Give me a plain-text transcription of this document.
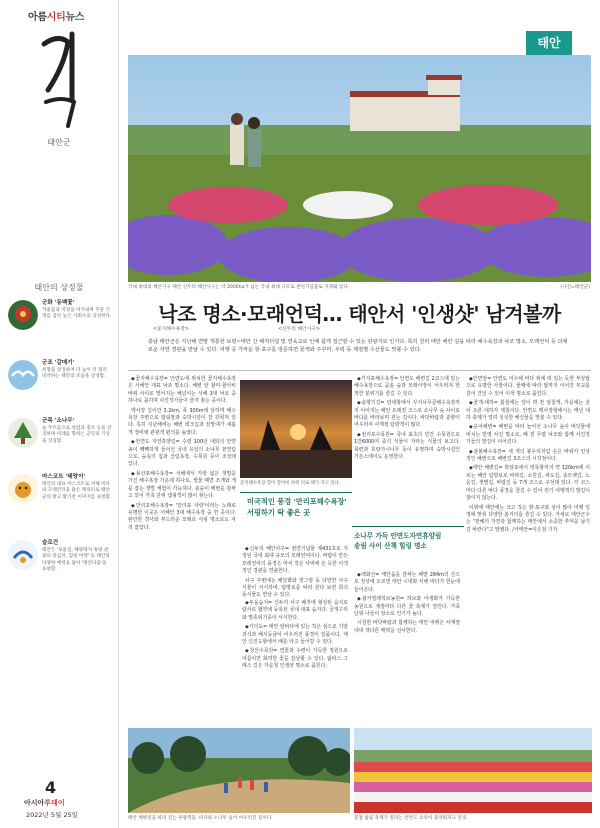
아름시티뉴스
길
태안군
태안의 상징물
군화 '동백꽃'
겨울꽃과 역경을 이겨내며 꾸준 기개를 굽힌 높은 사회수의 상징한다.
군조 '갈매기'
희망을 상징하며 더 높이 더 멀리 비약하는 태안의 모습을 상징함.
군목 '소나무'
늘 푸르름으로 청렴과 절조 등을 상징하며 미래를 향하는 군민의 기상을 상징함.
마스코트 '태랑이'
태안의 대표 마스코트로 서해 바다와 모래언덕을 닮은 캐릭터로 태안군의 밝고 활기찬 이미지를 표현함.
슬로건
태안은 '보물섬, 해양레저 휴양 관광의 중심지, 힐링 여행' 등 태안의 다양한 매력을 담아 '태안다움'을 표현함.
4
아시아투데이
2022년 5월 25일
태안
국내 최대의 해안사구 태안 신두리 해안사구는 약 2000ha가 넘는 국내 최대 규모로 천연기념물로 지정돼 있다.	(사진=태안군)
낙조 명소·모래언덕… 태안서 '인생샷' 남겨볼까
<꽃지해수욕장>	<신두리 해안사구>
충남 태안군은 지난해 연말 개통한 보령~태안 간 해저터널 및 연육교로 인해 쉽게 접근할 수 있는 관광지로 인기다. 특히 천리 태안 해안 길을 따라 해수욕장과 낙조 명소, 모래언덕 등 다채로운 자연 경관을 만날 수 있다. 여행 중 가까운 항·포구를 방문하면 꽃게와 주꾸미, 우럭 등 계절별 수산물도 맛볼 수 있다.

◆꽃지해수욕장= 안면도에 위치한 꽃지해수욕장은 서해안 대표 낙조 명소다. 해변 앞 할미·할아비 바위 사이로 떨어지는 해넘이는 서해 3대 낙조 중 하나로 꼽히며 사진작가들이 즐겨 찾는 곳이다.

백사장 길이만 3.2km, 폭 300m에 달하며 해수욕장 주변으로 캠핑장과 숙박시설이 잘 갖춰져 있다. 특히 지난해에는 해변 데크길과 전망대가 새롭게 정비돼 관광객 편의를 높였다.

◆안면도 자연휴양림= 수령 100년 내외의 안면송이 빽빽하게 들어선 국내 유일의 소나무 천연림으로, 숲속의 집과 산림욕장, 수목원 등이 조성돼 있다.

◆몽산포해수욕장= 서해에서 가장 넓은 갯벌을 가진 해수욕장 가운데 하나로, 썰물 때면 조개와 게를 잡는 갯벌 체험이 가능하다. 솔숲이 해변을 감싸고 있어 가족 단위 캠핑객이 많이 찾는다.

◆만리포해수욕장= '만리포 사랑'이라는 노래로 유명한 이곳은 서해안 3대 해수욕장 중 한 곳이다. 완만한 경사와 부드러운 모래로 서핑 명소로도 자리 잡았다.

꽃지해수욕장 할미·할아비 바위 뒤로 해가 지고 있다.
미국적인 풍경 '만리포해수욕장'
서핑하기 딱 좋은 곳
소나무 가득 안면도자연휴양림
송림 사이 산책 힐링 명소

◆신두리 해안사구= 천연기념물 제431호로 지정된 국내 최대 규모의 모래언덕이다. 바람이 만든 모래언덕의 풍경은 마치 작은 사막에 온 듯한 이색적인 경관을 연출한다.

사구 주변에는 해당화와 갯그령 등 다양한 사구 식물이 서식하며, 탐방로를 따라 걷다 보면 희귀 동식물도 만날 수 있다.

◆두웅습지= 신두리 사구 배후에 형성된 습지로 람사르 협약에 등록된 국내 대표 습지다. 금개구리와 멸종위기종이 서식한다.

◆가의도= 태안 앞바다에 있는 작은 섬으로 기암괴석과 해식동굴이 어우러진 풍경이 일품이다. 태안 신진도항에서 배를 타고 들어갈 수 있다.

◆청산수목원= 연꽃과 수련이 가득한 정원으로 여름이면 화려한 꽃을 감상할 수 있다. 팜파스 그래스 길은 가을철 인생샷 명소로 꼽힌다.

◆기지포해수욕장= 안면도 해변길 2코스에 있는 해수욕장으로 곰솔 숲과 모래사장이 어우러져 한적한 분위기를 즐길 수 있다.

◆솔향기길= 만대항에서 꾸지나무골해수욕장까지 이어지는 해안 트레킹 코스로 소나무 숲 사이로 바다를 바라보며 걷는 길이다. 바닷바람과 솔향이 어우러져 사계절 탐방객이 많다.

◆천리포수목원= 국내 최초의 민간 수목원으로 1만6000여 종의 식물이 자라는 식물의 보고다. 목련과 호랑가시나무 등이 유명하며 숙박시설인 가든스테이도 운영한다.

◆백화산= 태안읍을 감싸는 해발 284m의 산으로 정상에 오르면 태안 시내와 서해 바다가 한눈에 들어온다.

◆팜카밀레허브농원= 허브와 야생화가 가득한 농원으로 계절마다 다른 꽃 축제가 열린다. 가족 단위 나들이 장소로 인기가 높다.

시원한 바닷바람과 함께하는 태안 여행은 사계절 내내 색다른 매력을 선사한다.

◆안면암= 안면도 여수해 바다 위에 떠 있는 듯한 부상탑으로 유명한 사찰이다. 물때에 따라 탑까지 이어진 부교를 걸어 건널 수 있어 이색 명소로 꼽힌다.

◆꽃게·대하= 봄철에는 알이 꽉 찬 암꽃게, 가을에는 살이 오른 대하가 제철이다. 안면도 백사장항에서는 매년 대하 축제가 열려 싱싱한 해산물을 맛볼 수 있다.

◆운여해변= 해변을 따라 늘어선 소나무 숲이 바닷물에 비치는 반영 사진 명소로, 해 질 무렵 낙조와 함께 사진작가들의 발길이 이어진다.

◆삼봉해수욕장= 세 개의 봉우리처럼 솟은 바위가 인상적인 해변으로 해변길 3코스의 시작점이다.

◆태안 해변길= 학암포에서 영목항까지 약 120km에 이르는 해안 탐방로로 바라길, 소원길, 파도길, 솔모랫길, 노을길, 샛별길, 바람길 등 7개 코스로 구성돼 있다. 각 코스마다 다른 바다 풍경을 즐길 수 있어 걷기 여행객의 발길이 끊이지 않는다.

이밖에 태안에는 크고 작은 항·포구와 섬이 많아 여행 일정에 맞춰 다양한 볼거리를 즐길 수 있다. 가세로 태안군수는 "천혜의 자연과 함께하는 태안에서 소중한 추억을 남기길 바란다"고 말했다. /거태안=이은철 기자

태안 해변길을 따라 걷는 관광객들. 바다와 소나무 숲이 어우러진 길이다.	봄철 튤립 축제가 열리는 안면도 코리아 플라워파크 전경.
